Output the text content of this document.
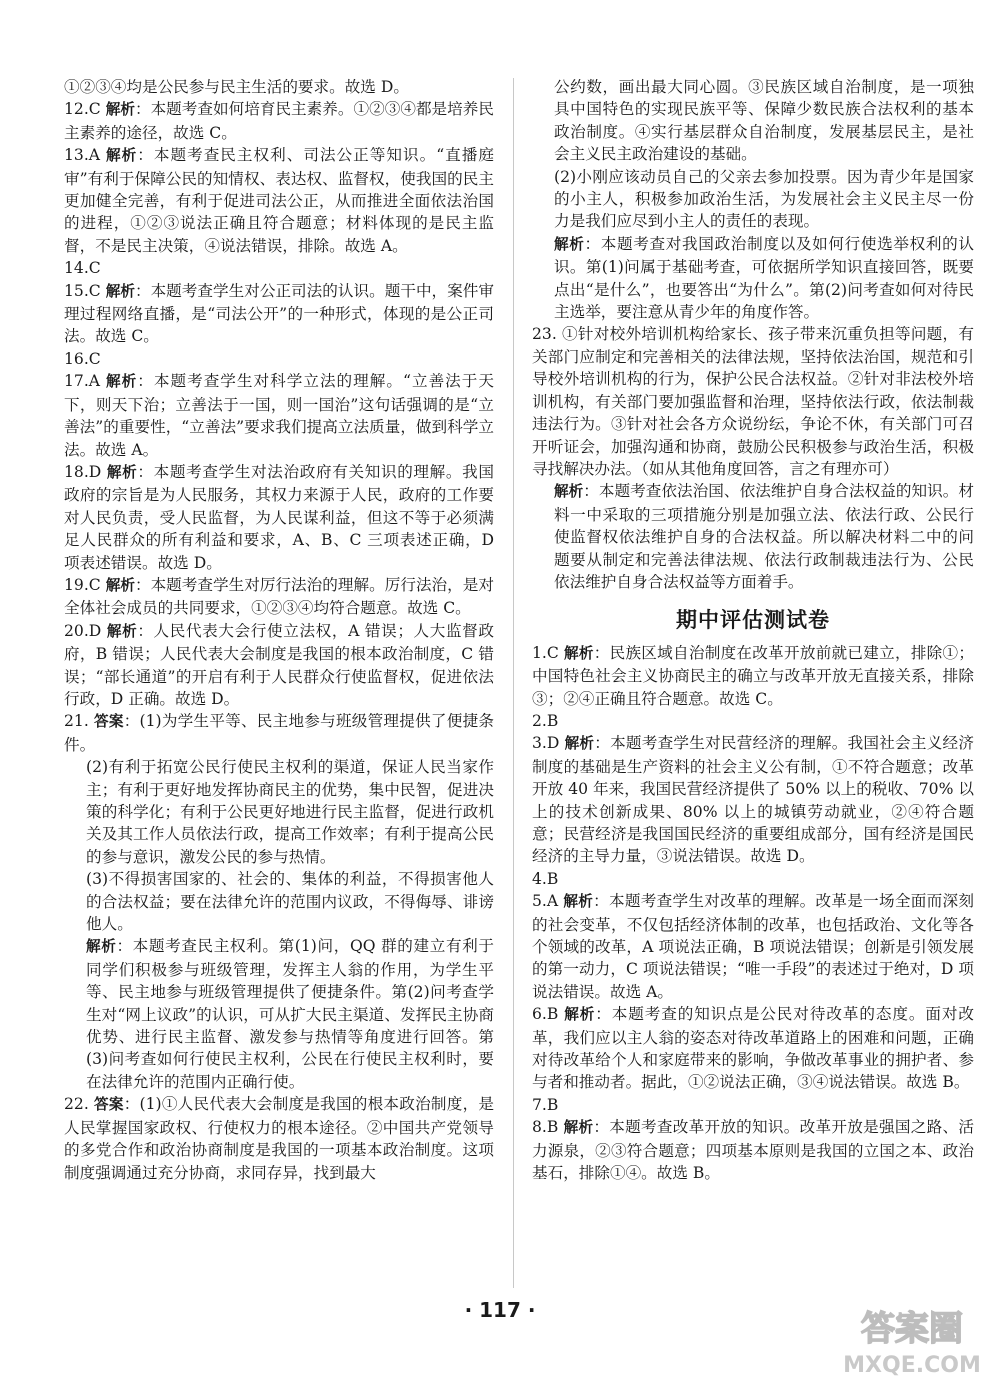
①②③④均是公民参与民主生活的要求。故选 D。

12.C 解析：本题考查如何培育民主素养。①②③④都是培养民主素养的途径，故选 C。

13.A 解析：本题考查民主权利、司法公正等知识。“直播庭审”有利于保障公民的知情权、表达权、监督权，使我国的民主更加健全完善，有利于促进司法公正，从而推进全面依法治国的进程，①②③说法正确且符合题意；材料体现的是民主监督，不是民主决策，④说法错误，排除。故选 A。

14.C

15.C 解析：本题考查学生对公正司法的认识。题干中，案件审理过程网络直播，是“司法公开”的一种形式，体现的是公正司法。故选 C。

16.C

17.A 解析：本题考查学生对科学立法的理解。“立善法于天下，则天下治；立善法于一国，则一国治”这句话强调的是“立善法”的重要性，“立善法”要求我们提高立法质量，做到科学立法。故选 A。

18.D 解析：本题考查学生对法治政府有关知识的理解。我国政府的宗旨是为人民服务，其权力来源于人民，政府的工作要对人民负责，受人民监督，为人民谋利益，但这不等于必须满足人民群众的所有利益和要求，A、B、C 三项表述正确，D 项表述错误。故选 D。

19.C 解析：本题考查学生对厉行法治的理解。厉行法治，是对全体社会成员的共同要求，①②③④均符合题意。故选 C。

20.D 解析：人民代表大会行使立法权，A 错误；人大监督政府，B 错误；人民代表大会制度是我国的根本政治制度，C 错误；“部长通道”的开启有利于人民群众行使监督权，促进依法行政，D 正确。故选 D。

21. 答案：(1)为学生平等、民主地参与班级管理提供了便捷条件。

(2)有利于拓宽公民行使民主权利的渠道，保证人民当家作主；有利于更好地发挥协商民主的优势，集中民智，促进决策的科学化；有利于公民更好地进行民主监督，促进行政机关及其工作人员依法行政，提高工作效率；有利于提高公民的参与意识，激发公民的参与热情。

(3)不得损害国家的、社会的、集体的利益，不得损害他人的合法权益；要在法律允许的范围内议政，不得侮辱、诽谤他人。

解析：本题考查民主权利。第(1)问，QQ 群的建立有利于同学们积极参与班级管理，发挥主人翁的作用，为学生平等、民主地参与班级管理提供了便捷条件。第(2)问考查学生对“网上议政”的认识，可从扩大民主渠道、发挥民主协商优势、进行民主监督、激发参与热情等角度进行回答。第(3)问考查如何行使民主权利，公民在行使民主权利时，要在法律允许的范围内正确行使。

22. 答案：(1)①人民代表大会制度是我国的根本政治制度，是人民掌握国家政权、行使权力的根本途径。②中国共产党领导的多党合作和政治协商制度是我国的一项基本政治制度。这项制度强调通过充分协商，求同存异，找到最大

公约数，画出最大同心圆。③民族区域自治制度，是一项独具中国特色的实现民族平等、保障少数民族合法权利的基本政治制度。④实行基层群众自治制度，发展基层民主，是社会主义民主政治建设的基础。

(2)小刚应该动员自己的父亲去参加投票。因为青少年是国家的小主人，积极参加政治生活，为发展社会主义民主尽一份力是我们应尽到小主人的责任的表现。

解析：本题考查对我国政治制度以及如何行使选举权利的认识。第(1)问属于基础考查，可依据所学知识直接回答，既要点出“是什么”，也要答出“为什么”。第(2)问考查如何对待民主选举，要注意从青少年的角度作答。

23. ①针对校外培训机构给家长、孩子带来沉重负担等问题，有关部门应制定和完善相关的法律法规，坚持依法治国，规范和引导校外培训机构的行为，保护公民合法权益。②针对非法校外培训机构，有关部门要加强监督和治理，坚持依法行政，依法制裁违法行为。③针对社会各方众说纷纭，争论不休，有关部门可召开听证会，加强沟通和协商，鼓励公民积极参与政治生活，积极寻找解决办法。（如从其他角度回答，言之有理亦可）

解析：本题考查依法治国、依法维护自身合法权益的知识。材料一中采取的三项措施分别是加强立法、依法行政、公民行使监督权依法维护自身的合法权益。所以解决材料二中的问题要从制定和完善法律法规、依法行政制裁违法行为、公民依法维护自身合法权益等方面着手。

期中评估测试卷

1.C 解析：民族区域自治制度在改革开放前就已建立，排除①；中国特色社会主义协商民主的确立与改革开放无直接关系，排除③；②④正确且符合题意。故选 C。

2.B

3.D 解析：本题考查学生对民营经济的理解。我国社会主义经济制度的基础是生产资料的社会主义公有制，①不符合题意；改革开放 40 年来，我国民营经济提供了 50% 以上的税收、70% 以上的技术创新成果、80% 以上的城镇劳动就业，②④符合题意；民营经济是我国国民经济的重要组成部分，国有经济是国民经济的主导力量，③说法错误。故选 D。

4.B

5.A 解析：本题考查学生对改革的理解。改革是一场全面而深刻的社会变革，不仅包括经济体制的改革，也包括政治、文化等各个领域的改革，A 项说法正确，B 项说法错误；创新是引领发展的第一动力，C 项说法错误；“唯一手段”的表述过于绝对，D 项说法错误。故选 A。

6.B 解析：本题考查的知识点是公民对待改革的态度。面对改革，我们应以主人翁的姿态对待改革道路上的困难和问题，正确对待改革给个人和家庭带来的影响，争做改革事业的拥护者、参与者和推动者。据此，①②说法正确，③④说法错误。故选 B。

7.B

8.B 解析：本题考查改革开放的知识。改革开放是强国之路、活力源泉，②③符合题意；四项基本原则是我国的立国之本、政治基石，排除①④。故选 B。

· 117 ·	答案圈
MXQE.COM
